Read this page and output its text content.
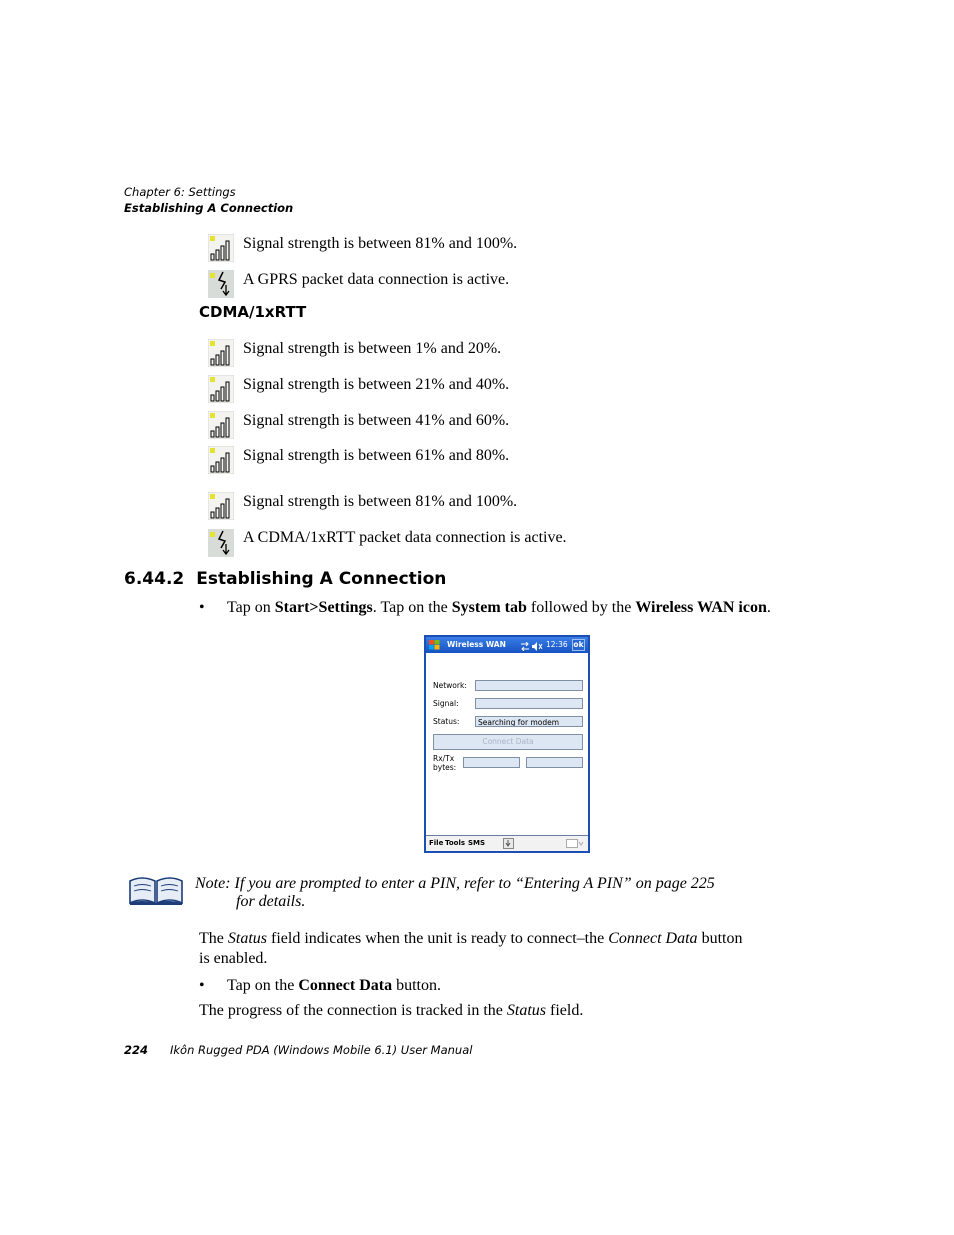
Chapter 6: Settings
Establishing A Connection
Signal strength is between 81% and 100%.
A GPRS packet data connection is active.
CDMA/1xRTT
Signal strength is between 1% and 20%.
Signal strength is between 21% and 40%.
Signal strength is between 41% and 60%.
Signal strength is between 61% and 80%.
Signal strength is between 81% and 100%.
A CDMA/1xRTT packet data connection is active.
6.44.2 Establishing A Connection
• Tap on Start>Settings. Tap on the System tab followed by the Wireless WAN icon.
Wireless WAN	12:36 ok
Network:
Signal:
Status:	Searching for modem
Connect Data
Rx/Tx
bytes:
File Tools SMS
Note: If you are prompted to enter a PIN, refer to “Entering A PIN” on page 225
for details.
The Status field indicates when the unit is ready to connect–the Connect Data button
is enabled.
• Tap on the Connect Data button.
The progress of the connection is tracked in the Status field.
224 Ikôn Rugged PDA (Windows Mobile 6.1) User Manual
